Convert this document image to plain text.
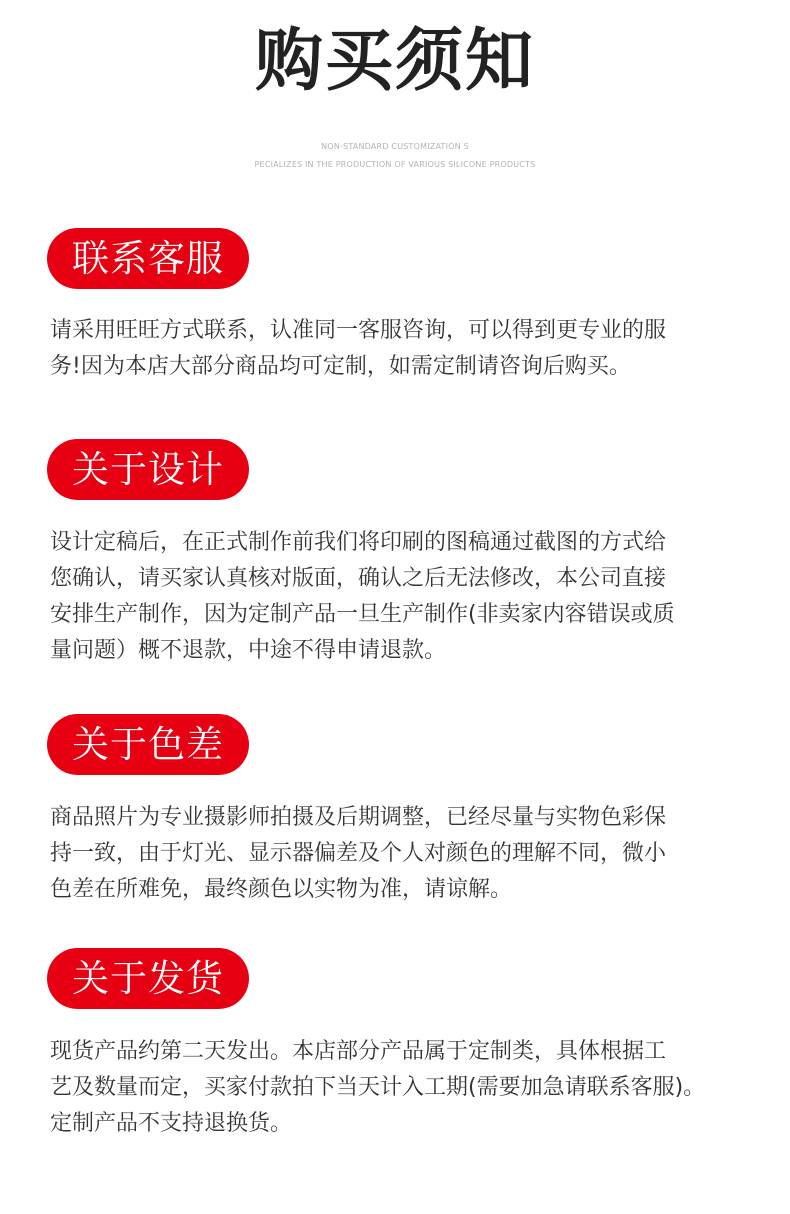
购买须知
NON-STANDARD CUSTOMIZATION S
PECIALIZES IN THE PRODUCTION OF VARIOUS SILICONE PRODUCTS
联系客服

请采用旺旺方式联系，认准同一客服咨询，可以得到更专业的服
务!因为本店大部分商品均可定制，如需定制请咨询后购买。

关于设计

设计定稿后，在正式制作前我们将印刷的图稿通过截图的方式给
您确认，请买家认真核对版面，确认之后无法修改，本公司直接
安排生产制作，因为定制产品一旦生产制作(非卖家内容错误或质
量问题）概不退款，中途不得申请退款。

关于色差

商品照片为专业摄影师拍摄及后期调整，已经尽量与实物色彩保
持一致，由于灯光、显示器偏差及个人对颜色的理解不同，微小
色差在所难免，最终颜色以实物为准，请谅解。

关于发货

现货产品约第二天发出。本店部分产品属于定制类，具体根据工
艺及数量而定，买家付款拍下当天计入工期(需要加急请联系客服)。
定制产品不支持退换货。
